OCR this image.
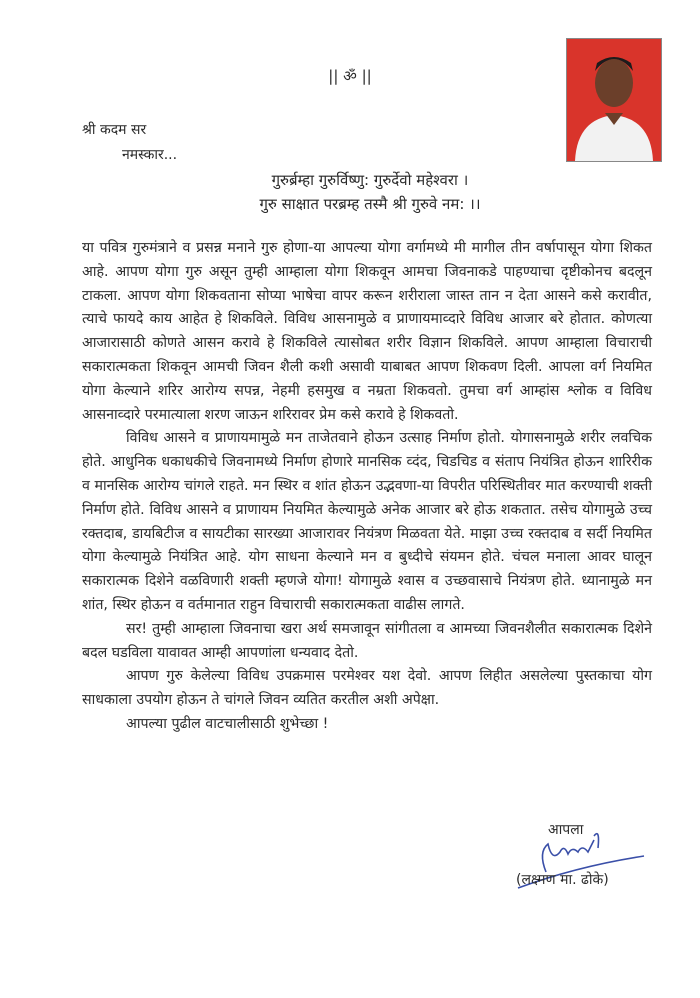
|| ॐ ||
श्री कदम सर
नमस्कार...
गुरुर्ब्रम्हा गुरुर्विष्णु: गुरुर्देवो महेश्वरा ।
गुरु साक्षात परब्रम्ह तस्मै श्री गुरुवे नम: ।।

या पवित्र गुरुमंत्राने व प्रसन्न मनाने गुरु होणा-या आपल्या योगा वर्गामध्ये मी मागील तीन वर्षापासून योगा शिकत आहे. आपण योगा गुरु असून तुम्ही आम्हाला योगा शिकवून आमचा जिवनाकडे पाहण्याचा दृष्टीकोनच बदलून टाकला. आपण योगा शिकवताना सोप्या भाषेचा वापर करून शरीराला जास्त तान न देता आसने कसे करावीत, त्याचे फायदे काय आहेत हे शिकविले. विविध आसनामुळे व प्राणायमाव्दारे विविध आजार बरे होतात. कोणत्या आजारासाठी कोणते आसन करावे हे शिकविले त्यासोबत शरीर विज्ञान शिकविले. आपण आम्हाला विचाराची सकारात्मकता शिकवून आमची जिवन शैली कशी असावी याबाबत आपण शिकवण दिली. आपला वर्ग नियमित योगा केल्याने शरिर आरोग्य सपन्न, नेहमी हसमुख व नम्रता शिकवतो. तुमचा वर्ग आम्हांस श्लोक व विविध आसनाव्दारे परमात्याला शरण जाऊन शरिरावर प्रेम कसे करावे हे शिकवतो.

विविध आसने व प्राणायमामुळे मन ताजेतवाने होऊन उत्साह निर्माण होतो. योगासनामुळे शरीर लवचिक होते. आधुनिक धकाधकीचे जिवनामध्ये निर्माण होणारे मानसिक व्दंद, चिडचिड व संताप नियंत्रित होऊन शारिरीक व मानसिक आरोग्य चांगले राहते. मन स्थिर व शांत होऊन उद्भवणा-या विपरीत परिस्थितीवर मात करण्याची शक्ती निर्माण होते. विविध आसने व प्राणायम नियमित केल्यामुळे अनेक आजार बरे होऊ शकतात. तसेच योगामुळे उच्च रक्तदाब, डायबिटीज व सायटीका सारख्या आजारावर नियंत्रण मिळवता येते. माझा उच्च रक्तदाब व सर्दी नियमित योगा केल्यामुळे नियंत्रित आहे. योग साधना केल्याने मन व बुध्दीचे संयमन होते. चंचल मनाला आवर घालून सकारात्मक दिशेने वळविणारी शक्ती म्हणजे योगा! योगामुळे श्वास व उच्छवासाचे नियंत्रण होते. ध्यानामुळे मन शांत, स्थिर होऊन व वर्तमानात राहुन विचाराची सकारात्मकता वाढीस लागते.

सर! तुम्ही आम्हाला जिवनाचा खरा अर्थ समजावून सांगीतला व आमच्या जिवनशैलीत सकारात्मक दिशेने बदल घडविला यावावत आम्ही आपणांला धन्यवाद देतो.

आपण गुरु केलेल्या विविध उपक्रमास परमेश्वर यश देवो. आपण लिहीत असलेल्या पुस्तकाचा योग साधकाला उपयोग होऊन ते चांगले जिवन व्यतित करतील अशी अपेक्षा.

आपल्या पुढील वाटचालीसाठी शुभेच्छा !

आपला
(लक्ष्मण मा. ढोके)
